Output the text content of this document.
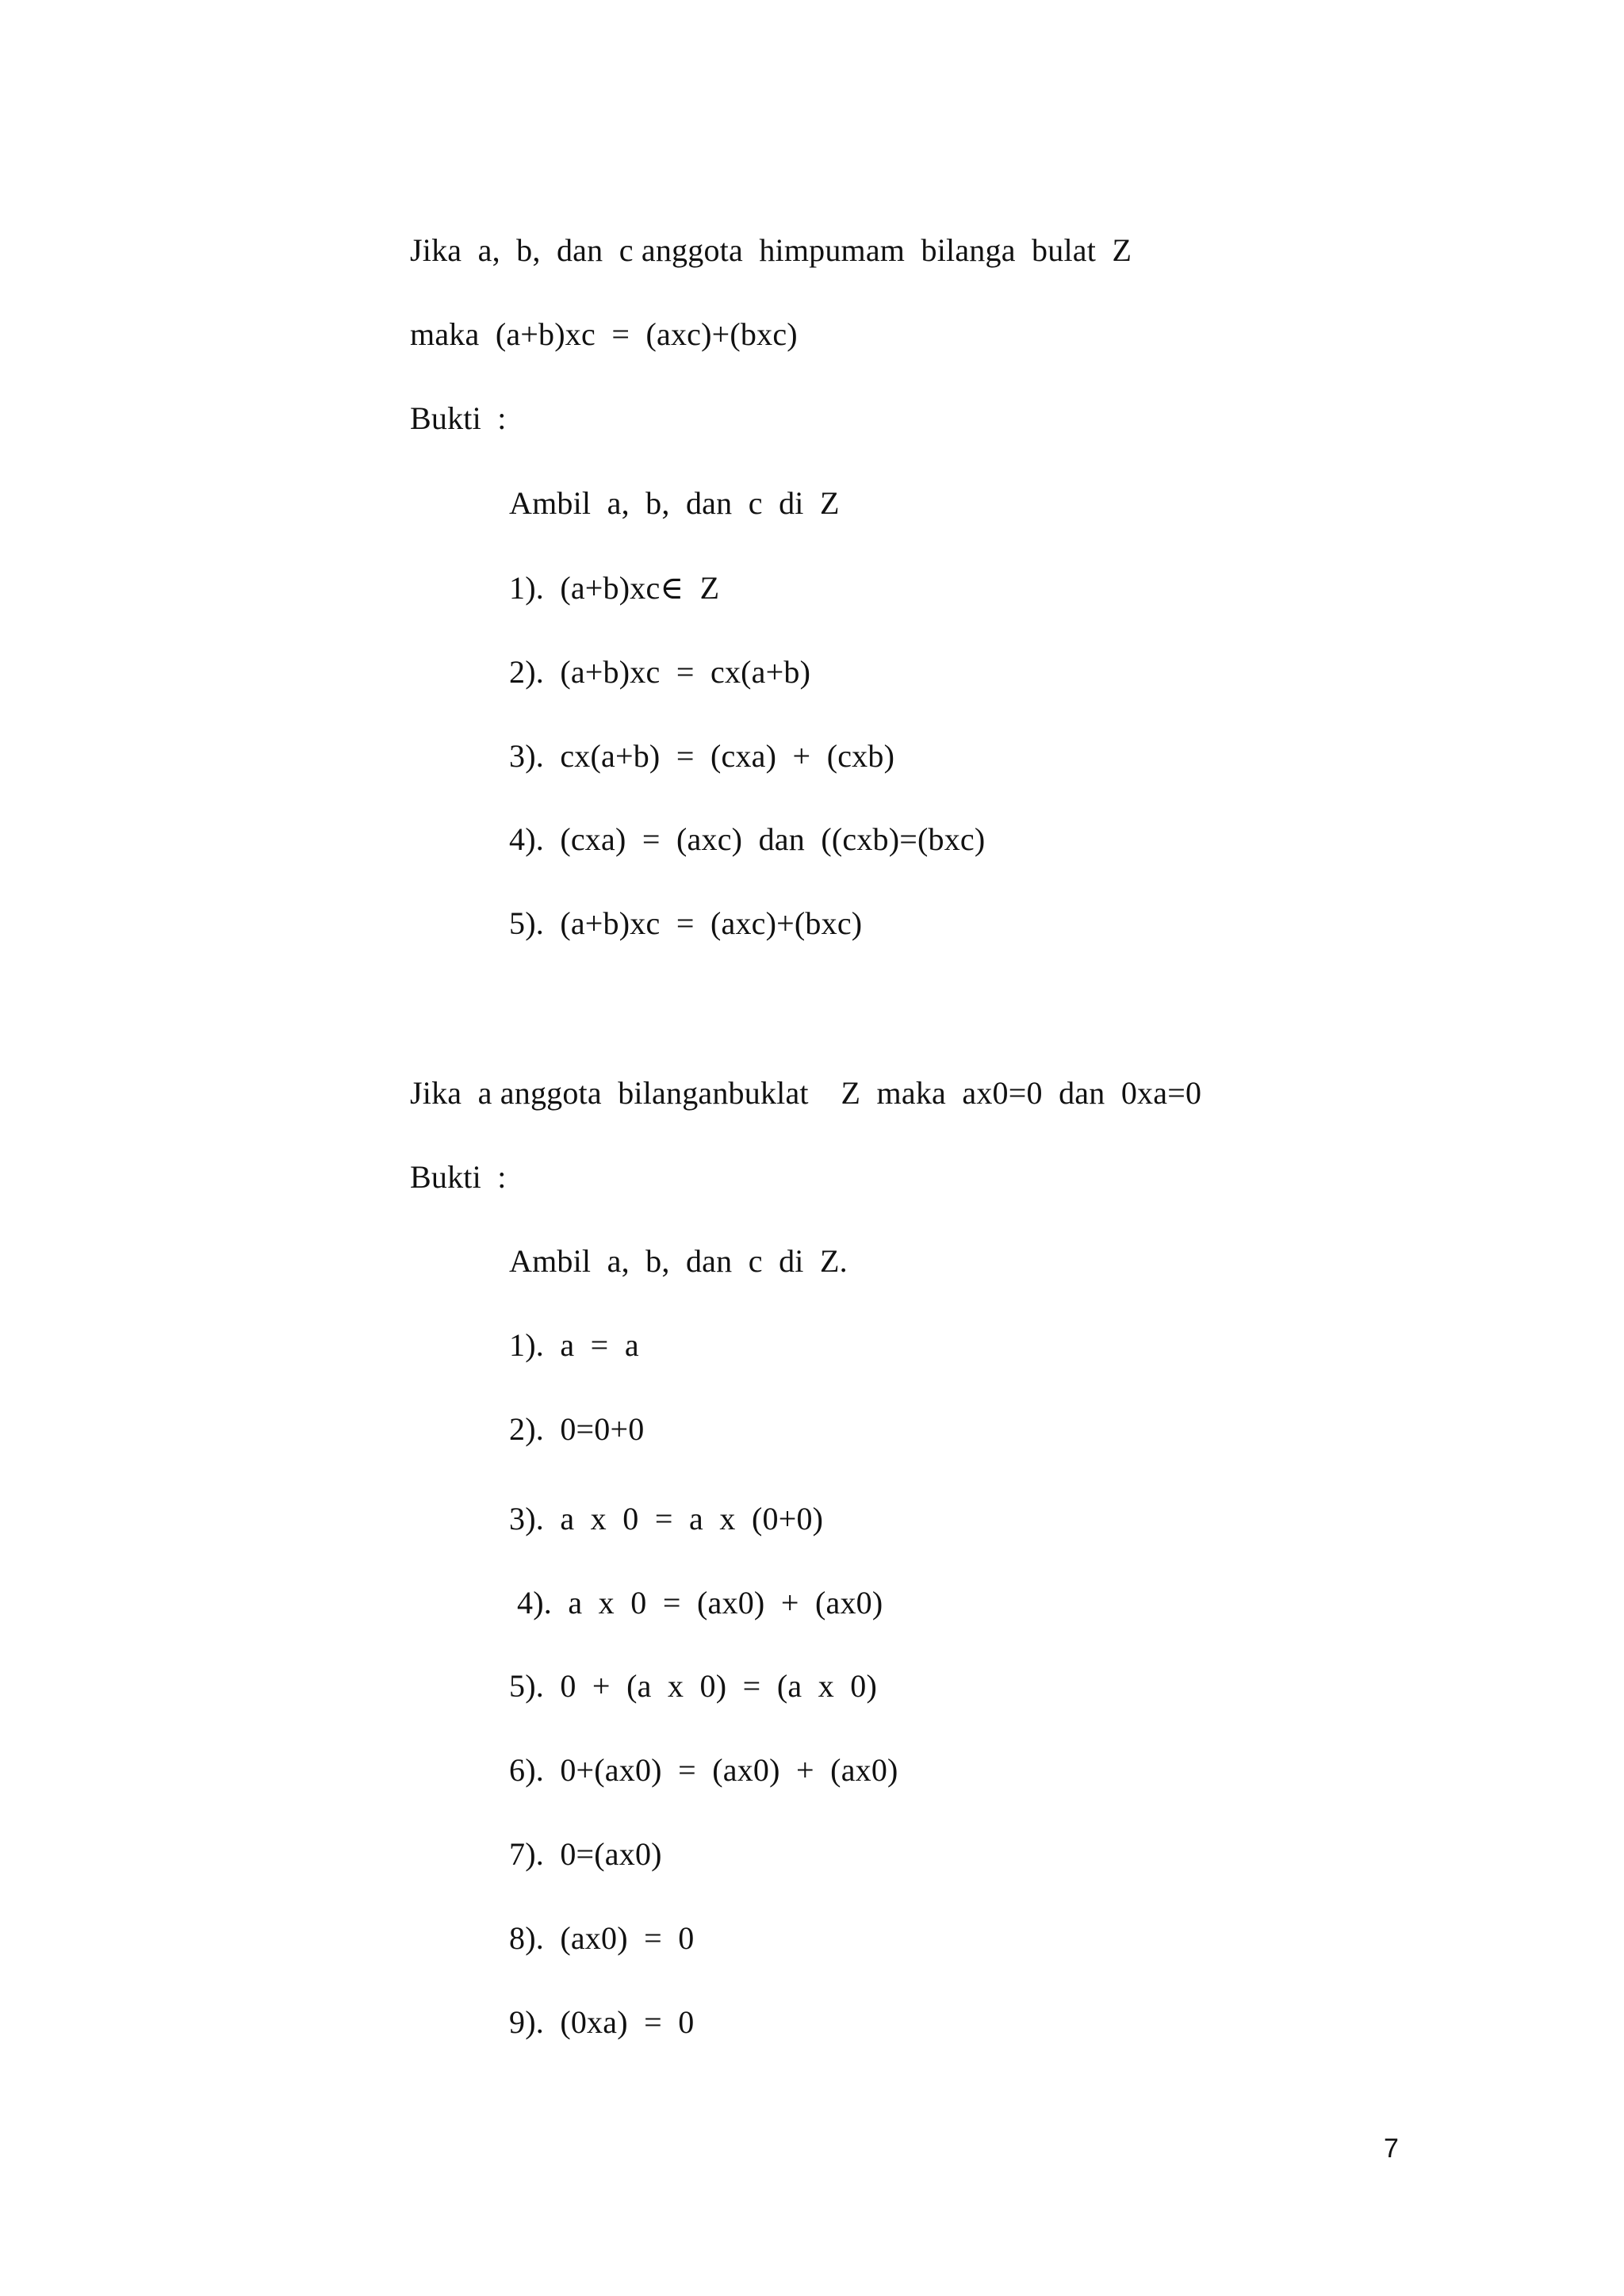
Jika  a,  b,  dan  c anggota  himpumam  bilanga  bulat  Z
maka  (a+b)xc  =  (axc)+(bxc)
Bukti  :
Ambil  a,  b,  dan  c  di  Z
1).  (a+b)xc∈  Z
2).  (a+b)xc  =  cx(a+b)
3).  cx(a+b)  =  (cxa)  +  (cxb)
4).  (cxa)  =  (axc)  dan  ((cxb)=(bxc)
5).  (a+b)xc  =  (axc)+(bxc)
Jika  a anggota  bilanganbuklat    Z  maka  ax0=0  dan  0xa=0
Bukti  :
Ambil  a,  b,  dan  c  di  Z.
1).  a  =  a
2).  0=0+0
3).  a  x  0  =  a  x  (0+0)
4).  a  x  0  =  (ax0)  +  (ax0)
5).  0  +  (a  x  0)  =  (a  x  0)
6).  0+(ax0)  =  (ax0)  +  (ax0)
7).  0=(ax0)
8).  (ax0)  =  0
9).  (0xa)  =  0
7
